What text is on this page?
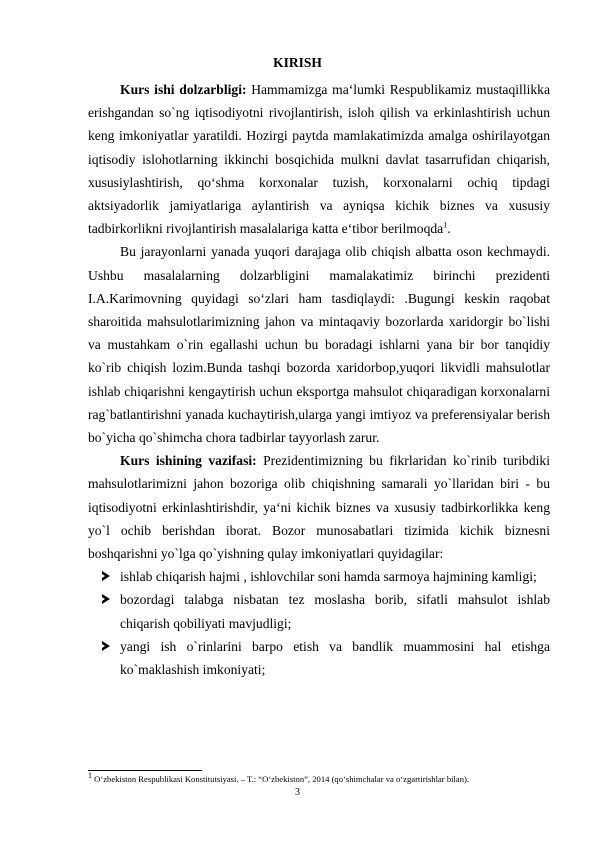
KIRISH

Kurs ishi dolzarbligi: Hammamizga ma‘lumki Respublikamiz mustaqillikka erishgandan so`ng iqtisodiyotni rivojlantirish, isloh qilish va erkinlashtirish uchun keng imkoniyatlar yaratildi. Hozirgi paytda mamlakatimizda amalga oshirilayotgan iqtisodiy islohotlarning ikkinchi bosqichida mulkni davlat tasarrufidan chiqarish, xususiylashtirish, qo‘shma korxonalar tuzish, korxonalarni ochiq tipdagi aktsiyadorlik jamiyatlariga aylantirish va ayniqsa kichik biznes va xususiy tadbirkorlikni rivojlantirish masalalariga katta e‘tibor berilmoqda$^1$.

Bu jarayonlarni yanada yuqori darajaga olib chiqish albatta oson kechmaydi. Ushbu masalalarning dolzarbligini mamalakatimiz birinchi prezidenti I.A.Karimovning quyidagi so‘zlari ham tasdiqlaydi: .Bugungi keskin raqobat sharoitida mahsulotlarimizning jahon va mintaqaviy bozorlarda xaridorgir bo`lishi va mustahkam o`rin egallashi uchun bu boradagi ishlarni yana bir bor tanqidiy ko`rib chiqish lozim.Bunda tashqi bozorda xaridorbop,yuqori likvidli mahsulotlar ishlab chiqarishni kengaytirish uchun eksportga mahsulot chiqaradigan korxonalarni rag`batlantirishni yanada kuchaytirish,ularga yangi imtiyoz va preferensiyalar berish bo`yicha qo`shimcha chora tadbirlar tayyorlash zarur.

Kurs ishining vazifasi: Prezidentimizning bu fikrlaridan ko`rinib turibdiki mahsulotlarimizni jahon bozoriga olib chiqishning samarali yo`llaridan biri - bu iqtisodiyotni erkinlashtirishdir, ya‘ni kichik biznes va xususiy tadbirkorlikka keng yo`l ochib berishdan iborat. Bozor munosabatlari tizimida kichik biznesni boshqarishni yo`lga qo`yishning qulay imkoniyatlari quyidagilar:

ishlab chiqarish hajmi , ishlovchilar soni hamda sarmoya hajmining kamligi;
bozordagi talabga nisbatan tez moslasha borib, sifatli mahsulot ishlab chiqarish qobiliyati mavjudligi;
yangi ish o`rinlarini barpo etish va bandlik muammosini hal etishga ko`maklashish imkoniyati;
$^1$ O‘zbekiston Respublikasi Konstitutsiyasi. – T.: “O‘zbekiston”, 2014 (qo‘shimchalar va o‘zgartirishlar bilan).
3
